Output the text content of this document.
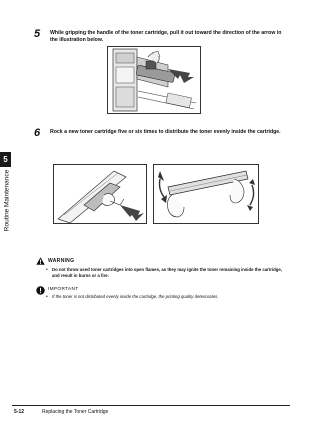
5
Routine Maintenance
5 While gripping the handle of the toner cartridge, pull it out toward the direction of the arrow in the illustration below.
6 Rock a new toner cartridge five or six times to distribute the toner evenly inside the cartridge.
WARNING
• Do not throw used toner cartridges into open flames, as they may ignite the toner remaining inside the cartridge, and result in burns or a fire.
IMPORTANT
• If the toner is not distributed evenly inside the cartridge, the printing quality deteriorates.
5-12	Replacing the Toner Cartridge
